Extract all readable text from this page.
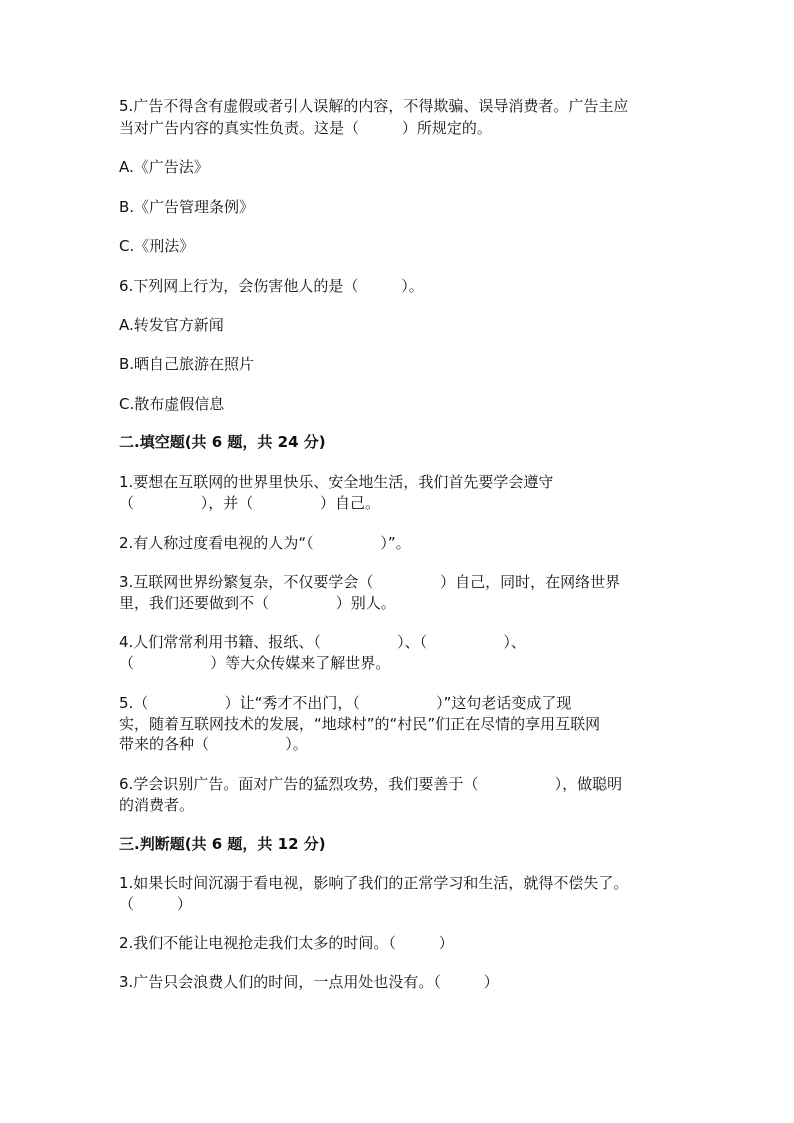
5.广告不得含有虚假或者引人误解的内容，不得欺骗、误导消费者。广告主应
当对广告内容的真实性负责。这是（         ）所规定的。
A.《广告法》
B.《广告管理条例》
C.《刑法》
6.下列网上行为，会伤害他人的是（         ）。
A.转发官方新闻
B.晒自己旅游在照片
C.散布虚假信息
二.填空题(共 6 题，共 24 分)
1.要想在互联网的世界里快乐、安全地生活，我们首先要学会遵守
（              ），并（              ）自己。
2.有人称过度看电视的人为“（              ）”。
3.互联网世界纷繁复杂，不仅要学会（              ）自己，同时，在网络世界
里，我们还要做到不（              ）别人。
4.人们常常利用书籍、报纸、（                ）、（                ）、
（                ）等大众传媒来了解世界。
5.（                ）让“秀才不出门，（                ）”这句老话变成了现
实，随着互联网技术的发展，“地球村”的“村民”们正在尽情的享用互联网
带来的各种（                ）。
6.学会识别广告。面对广告的猛烈攻势，我们要善于（                ），做聪明
的消费者。
三.判断题(共 6 题，共 12 分)
1.如果长时间沉溺于看电视，影响了我们的正常学习和生活，就得不偿失了。
（         ）
2.我们不能让电视抢走我们太多的时间。（         ）
3.广告只会浪费人们的时间，一点用处也没有。（         ）
